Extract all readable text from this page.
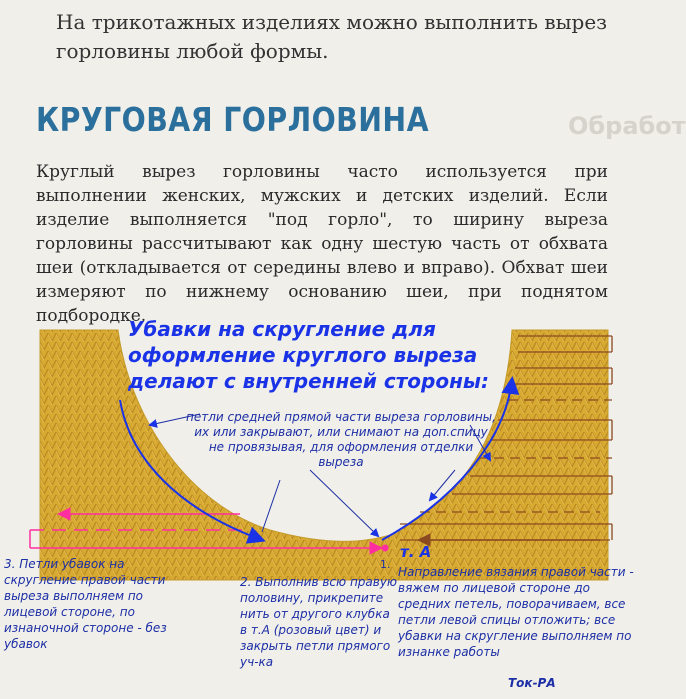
На трикотажных изделиях можно выполнить вырез горловины любой формы.
Обработ
КРУГОВАЯ ГОРЛОВИНА
Круглый вырез горловины часто используется при выполнении женских, мужских и детских изделий. Если изделие выполняется "под горло", то ширину выреза горловины рассчитывают как одну шестую часть от обхвата шеи (откладывается от середины влево и вправо). Обхват шеи измеряют по нижнему основанию шеи, при поднятом подбородке.
Убавки на скругление для оформление круглого выреза делают с внутренней стороны:
петли средней прямой части выреза горловины, их или закрывают, или снимают на доп.спицу не провязывая, для оформления отделки выреза
т. А
1.
3. Петли убавок на скругление правой части выреза выполняем по лицевой стороне, по изнаночной стороне - без убавок
2. Выполнив всю правую половину, прикрепите нить от другого клубка в т.А (розовый цвет) и закрыть петли прямого уч-ка
Направление вязания правой части - вяжем по лицевой стороне до средних петель, поворачиваем, все петли левой спицы отложить; все убавки на скругление выполняем по изнанке работы
Ток-РА
